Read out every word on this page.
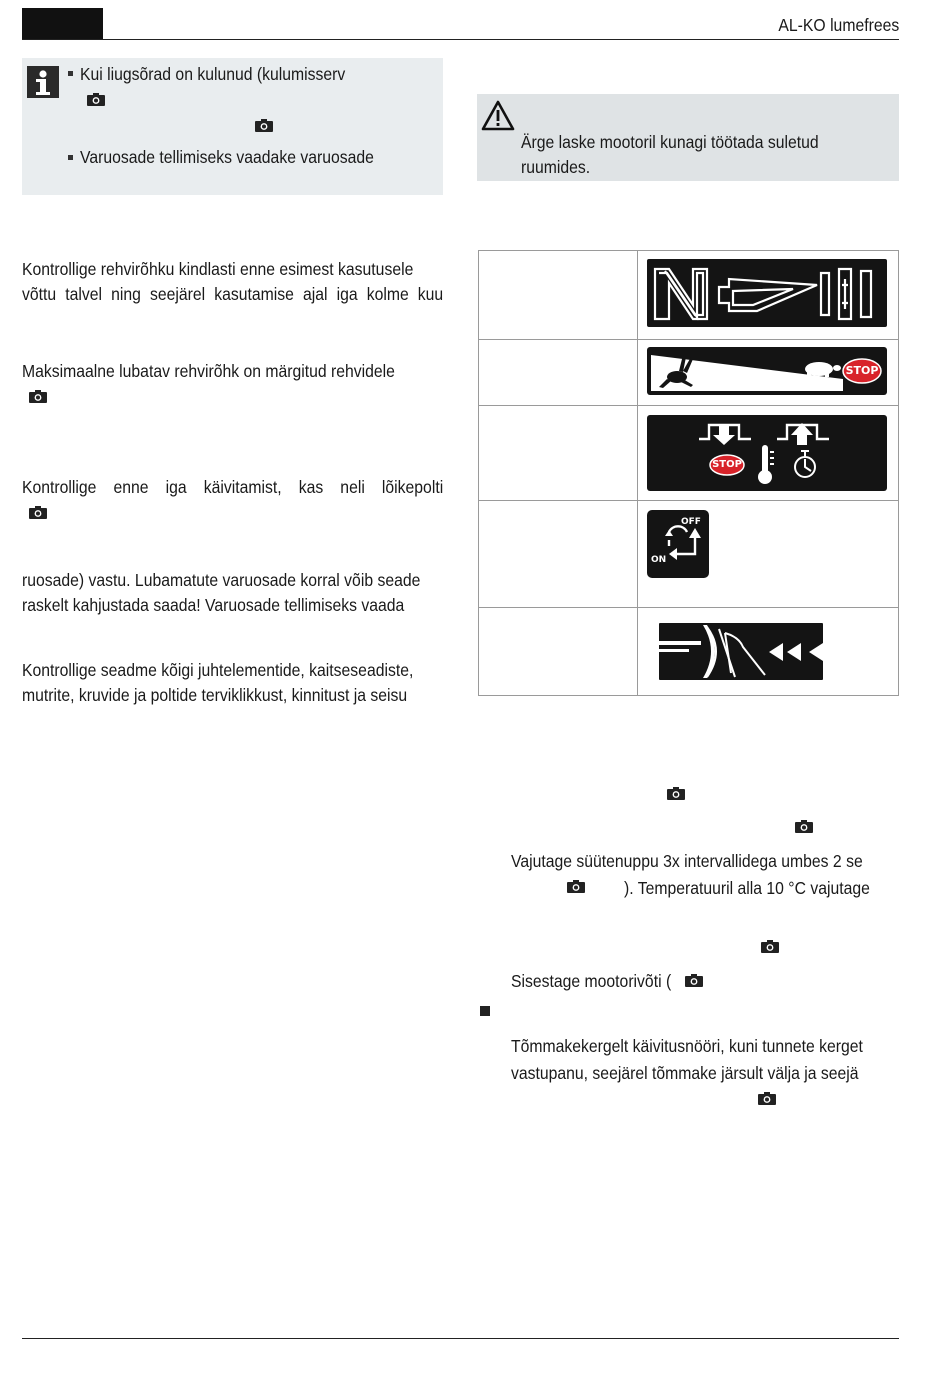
AL-KO lumefrees
Kui liugsõrad on kulunud (kulumisserv
Varuosade tellimiseks vaadake varuosade
Ärge laske mootoril kunagi töötada suletud
ruumides.
Kontrollige rehvirõhku kindlasti enne esimest kasutusele
võttu talvel ning seejärel kasutamise ajal iga kolme kuu
Maksimaalne lubatav rehvirõhk on märgitud rehvidele
Kontrollige enne iga käivitamist, kas neli lõikepolti
ruosade) vastu. Lubamatute varuosade korral võib seade
raskelt kahjustada saada! Varuosade tellimiseks vaada
Kontrollige seadme kõigi juhtelementide, kaitseseadiste,
mutrite, kruvide ja poltide terviklikkust, kinnitust ja seisu
STOP
STOP
OFF
ON
Vajutage süütenuppu 3x intervallidega umbes 2 se
). Temperatuuril alla 10 °C vajutage
Sisestage mootorivõti (
Tõmmakekergelt käivitusnööri, kuni tunnete kerget
vastupanu, seejärel tõmmake järsult välja ja seejä
